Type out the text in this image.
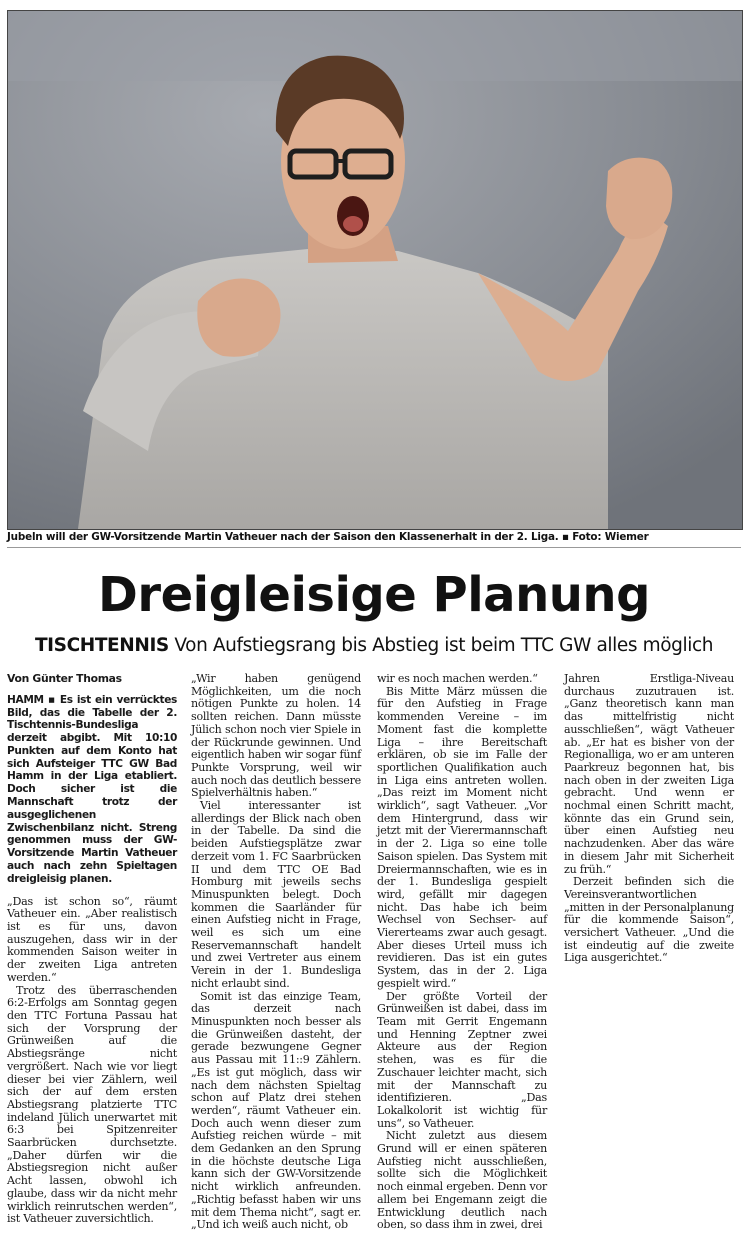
Jubeln will der GW-Vorsitzende Martin Vatheuer nach der Saison den Klassenerhalt in der 2. Liga. ▪ Foto: Wiemer
Dreigleisige Planung
TISCHTENNIS Von Aufstiegsrang bis Abstieg ist beim TTC GW alles möglich
Von Günter Thomas

HAMM ▪ Es ist ein verrücktes Bild, das die Tabelle der 2. Tischtennis-Bundesliga derzeit abgibt. Mit 10:10 Punkten auf dem Konto hat sich Aufsteiger TTC GW Bad Hamm in der Liga etabliert. Doch sicher ist die Mannschaft trotz der ausgeglichenen Zwischenbilanz nicht. Streng genommen muss der GW-Vorsitzende Martin Vatheuer auch nach zehn Spieltagen dreigleisig planen.

„Das ist schon so“, räumt Vatheuer ein. „Aber realistisch ist es für uns, davon auszugehen, dass wir in der kommenden Saison weiter in der zweiten Liga antreten werden.“

Trotz des überraschenden 6:2-Erfolgs am Sonntag gegen den TTC Fortuna Passau hat sich der Vorsprung der Grünweißen auf die Abstiegsränge nicht vergrößert. Nach wie vor liegt dieser bei vier Zählern, weil sich der auf dem ersten Abstiegsrang platzierte TTC indeland Jülich unerwartet mit 6:3 bei Spitzenreiter Saarbrücken durchsetzte. „Daher dürfen wir die Abstiegsregion nicht außer Acht lassen, obwohl ich glaube, dass wir da nicht mehr wirklich reinrutschen werden“, ist Vatheuer zuversichtlich.

„Wir haben genügend Möglichkeiten, um die noch nötigen Punkte zu holen. 14 sollten reichen. Dann müsste Jülich schon noch vier Spiele in der Rückrunde gewinnen. Und eigentlich haben wir sogar fünf Punkte Vorsprung, weil wir auch noch das deutlich bessere Spielverhältnis haben.“

Viel interessanter ist allerdings der Blick nach oben in der Tabelle. Da sind die beiden Aufstiegsplätze zwar derzeit vom 1. FC Saarbrücken II und dem TTC OE Bad Homburg mit jeweils sechs Minuspunkten belegt. Doch kommen die Saarländer für einen Aufstieg nicht in Frage, weil es sich um eine Reservemannschaft handelt und zwei Vertreter aus einem Verein in der 1. Bundesliga nicht erlaubt sind.

Somit ist das einzige Team, das derzeit nach Minuspunkten noch besser als die Grünweißen dasteht, der gerade bezwungene Gegner aus Passau mit 11::9 Zählern. „Es ist gut möglich, dass wir nach dem nächsten Spieltag schon auf Platz drei stehen werden“, räumt Vatheuer ein. Doch auch wenn dieser zum Aufstieg reichen würde – mit dem Gedanken an den Sprung in die höchste deutsche Liga kann sich der GW-Vorsitzende nicht wirklich anfreunden. „Richtig befasst haben wir uns mit dem Thema nicht“, sagt er. „Und ich weiß auch nicht, ob

wir es noch machen werden.“

Bis Mitte März müssen die für den Aufstieg in Frage kommenden Vereine – im Moment fast die komplette Liga – ihre Bereitschaft erklären, ob sie im Falle der sportlichen Qualifikation auch in Liga eins antreten wollen. „Das reizt im Moment nicht wirklich“, sagt Vatheuer. „Vor dem Hintergrund, dass wir jetzt mit der Vierermannschaft in der 2. Liga so eine tolle Saison spielen. Das System mit Dreiermannschaften, wie es in der 1. Bundesliga gespielt wird, gefällt mir dagegen nicht. Das habe ich beim Wechsel von Sechser- auf Viererteams zwar auch gesagt. Aber dieses Urteil muss ich revidieren. Das ist ein gutes System, das in der 2. Liga gespielt wird.“

Der größte Vorteil der Grünweißen ist dabei, dass im Team mit Gerrit Engemann und Henning Zeptner zwei Akteure aus der Region stehen, was es für die Zuschauer leichter macht, sich mit der Mannschaft zu identifizieren. „Das Lokalkolorit ist wichtig für uns“, so Vatheuer.

Nicht zuletzt aus diesem Grund will er einen späteren Aufstieg nicht ausschließen, sollte sich die Möglichkeit noch einmal ergeben. Denn vor allem bei Engemann zeigt die Entwicklung deutlich nach oben, so dass ihm in zwei, drei

Jahren Erstliga-Niveau durchaus zuzutrauen ist. „Ganz theoretisch kann man das mittelfristig nicht ausschließen“, wägt Vatheuer ab. „Er hat es bisher von der Regionalliga, wo er am unteren Paarkreuz begonnen hat, bis nach oben in der zweiten Liga gebracht. Und wenn er nochmal einen Schritt macht, könnte das ein Grund sein, über einen Aufstieg neu nachzudenken. Aber das wäre in diesem Jahr mit Sicherheit zu früh.“

Derzeit befinden sich die Vereinsverantwortlichen „mitten in der Personalplanung für die kommende Saison“, versichert Vatheuer. „Und die ist eindeutig auf die zweite Liga ausgerichtet.“
